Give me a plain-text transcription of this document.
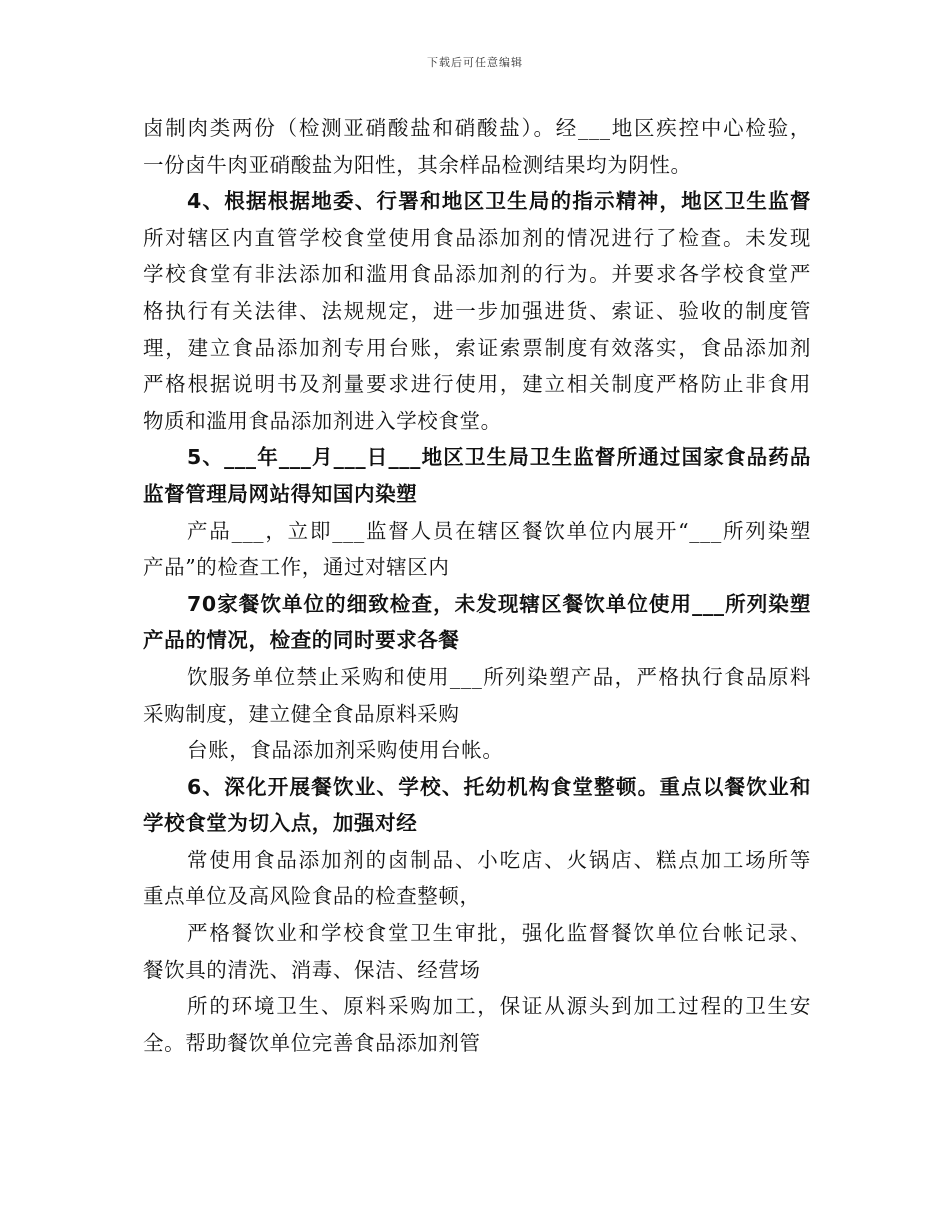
下载后可任意编辑
卤制肉类两份（检测亚硝酸盐和硝酸盐）。经___地区疾控中心检验，
一份卤牛肉亚硝酸盐为阳性，其余样品检测结果均为阴性。
4、根据根据地委、行署和地区卫生局的指示精神，地区卫生监督
所对辖区内直管学校食堂使用食品添加剂的情况进行了检查。未发现
学校食堂有非法添加和滥用食品添加剂的行为。并要求各学校食堂严
格执行有关法律、法规规定，进一步加强进货、索证、验收的制度管
理，建立食品添加剂专用台账，索证索票制度有效落实，食品添加剂
严格根据说明书及剂量要求进行使用，建立相关制度严格防止非食用
物质和滥用食品添加剂进入学校食堂。
5、___年___月___日___地区卫生局卫生监督所通过国家食品药品
监督管理局网站得知国内染塑
产品___，立即___监督人员在辖区餐饮单位内展开“___所列染塑
产品”的检查工作，通过对辖区内
70家餐饮单位的细致检查，未发现辖区餐饮单位使用___所列染塑
产品的情况，检查的同时要求各餐
饮服务单位禁止采购和使用___所列染塑产品，严格执行食品原料
采购制度，建立健全食品原料采购
台账，食品添加剂采购使用台帐。
6、深化开展餐饮业、学校、托幼机构食堂整顿。重点以餐饮业和
学校食堂为切入点，加强对经
常使用食品添加剂的卤制品、小吃店、火锅店、糕点加工场所等
重点单位及高风险食品的检查整顿，
严格餐饮业和学校食堂卫生审批，强化监督餐饮单位台帐记录、
餐饮具的清洗、消毒、保洁、经营场
所的环境卫生、原料采购加工，保证从源头到加工过程的卫生安
全。帮助餐饮单位完善食品添加剂管
